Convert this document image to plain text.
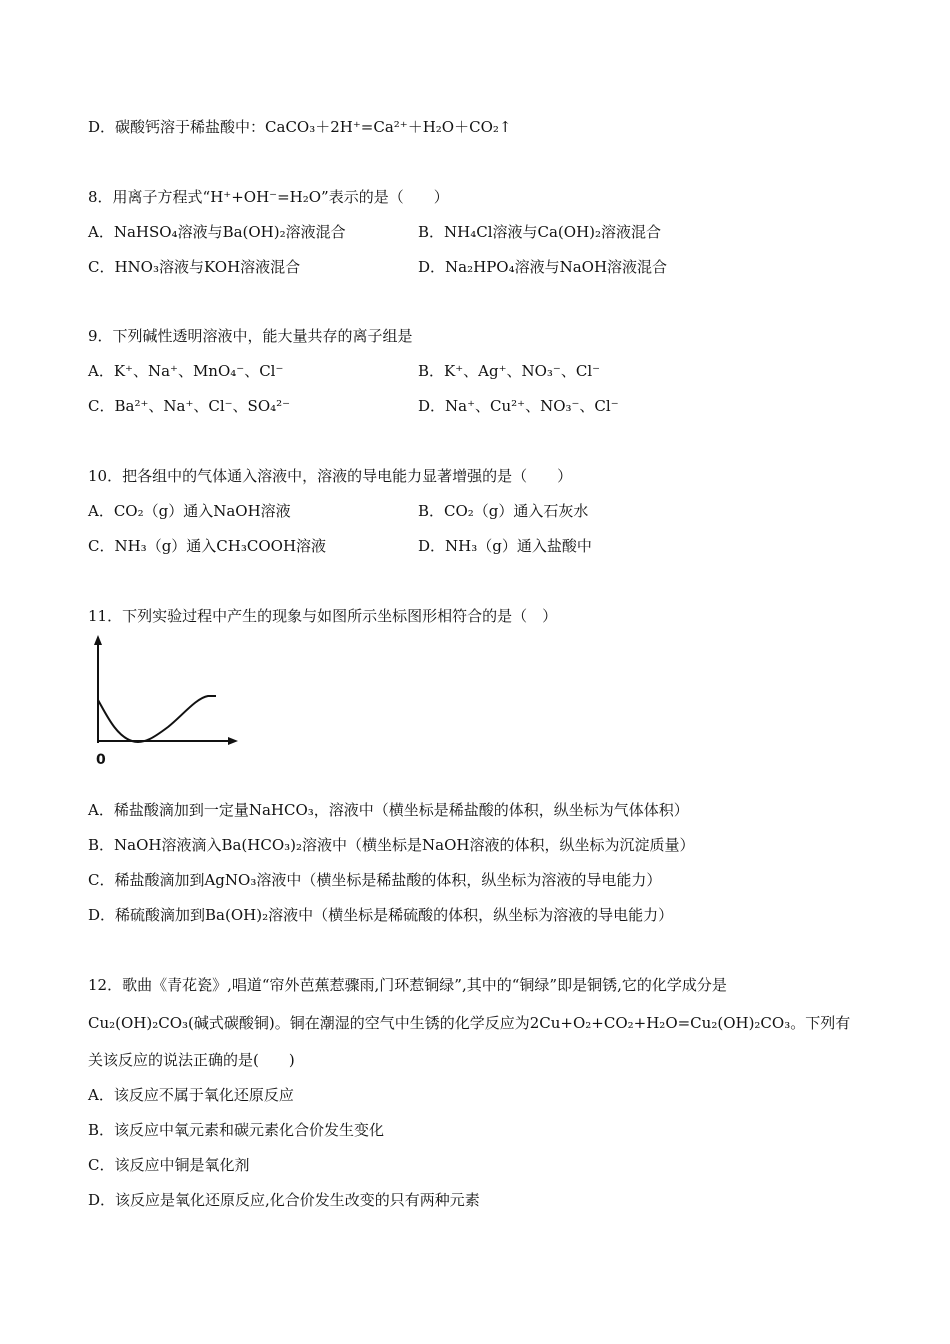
D．碳酸钙溶于稀盐酸中：CaCO₃＋2H⁺=Ca²⁺＋H₂O＋CO₂↑
8．用离子方程式“H⁺+OH⁻=H₂O”表示的是（　　）
A．NaHSO₄溶液与Ba(OH)₂溶液混合	B．NH₄Cl溶液与Ca(OH)₂溶液混合
C．HNO₃溶液与KOH溶液混合	D．Na₂HPO₄溶液与NaOH溶液混合
9．下列碱性透明溶液中，能大量共存的离子组是
A．K⁺、Na⁺、MnO₄⁻、Cl⁻	B．K⁺、Ag⁺、NO₃⁻、Cl⁻
C．Ba²⁺、Na⁺、Cl⁻、SO₄²⁻	D．Na⁺、Cu²⁺、NO₃⁻、Cl⁻
10．把各组中的气体通入溶液中，溶液的导电能力显著增强的是（　　）
A．CO₂（g）通入NaOH溶液	B．CO₂（g）通入石灰水
C．NH₃（g）通入CH₃COOH溶液	D．NH₃（g）通入盐酸中
11．下列实验过程中产生的现象与如图所示坐标图形相符合的是（　）
0
A．稀盐酸滴加到一定量NaHCO₃，溶液中（横坐标是稀盐酸的体积，纵坐标为气体体积）
B．NaOH溶液滴入Ba(HCO₃)₂溶液中（横坐标是NaOH溶液的体积，纵坐标为沉淀质量）
C．稀盐酸滴加到AgNO₃溶液中（横坐标是稀盐酸的体积，纵坐标为溶液的导电能力）
D．稀硫酸滴加到Ba(OH)₂溶液中（横坐标是稀硫酸的体积，纵坐标为溶液的导电能力）
12．歌曲《青花瓷》,唱道“帘外芭蕉惹骤雨,门环惹铜绿”,其中的“铜绿”即是铜锈,它的化学成分是
Cu₂(OH)₂CO₃(碱式碳酸铜)。铜在潮湿的空气中生锈的化学反应为2Cu+O₂+CO₂+H₂O=Cu₂(OH)₂CO₃。下列有
关该反应的说法正确的是(　　)
A．该反应不属于氧化还原反应
B．该反应中氧元素和碳元素化合价发生变化
C．该反应中铜是氧化剂
D．该反应是氧化还原反应,化合价发生改变的只有两种元素
